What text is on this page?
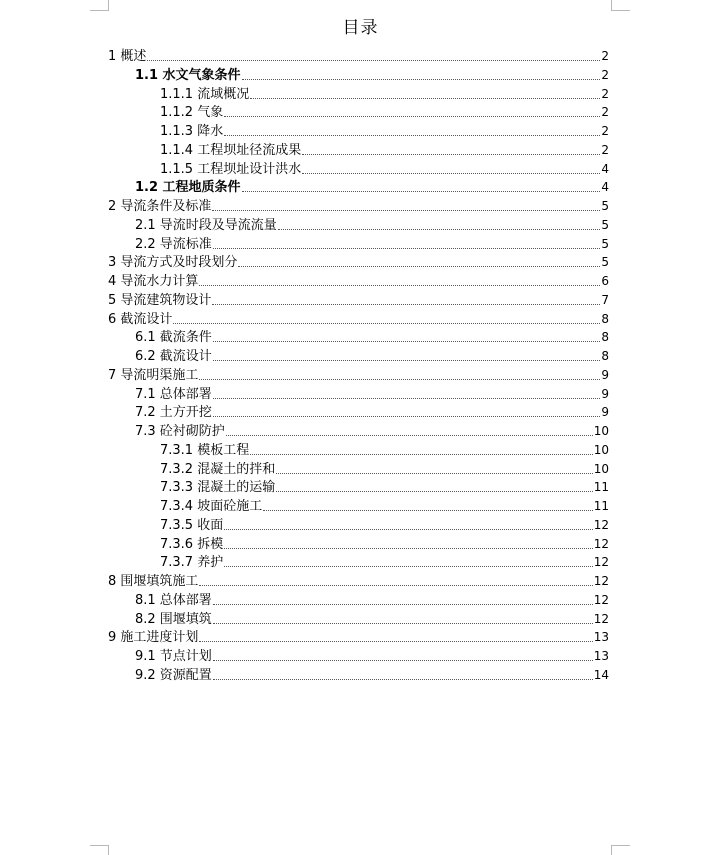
目录
1 概述	2
1.1 水文气象条件	2
1.1.1 流域概况	2
1.1.2 气象	2
1.1.3 降水	2
1.1.4 工程坝址径流成果	2
1.1.5 工程坝址设计洪水	4
1.2 工程地质条件	4
2 导流条件及标准	5
2.1 导流时段及导流流量	5
2.2 导流标准	5
3 导流方式及时段划分	5
4 导流水力计算	6
5 导流建筑物设计	7
6 截流设计	8
6.1 截流条件	8
6.2 截流设计	8
7 导流明渠施工	9
7.1 总体部署	9
7.2 土方开挖	9
7.3 砼衬砌防护	10
7.3.1 模板工程	10
7.3.2 混凝土的拌和	10
7.3.3 混凝土的运输	11
7.3.4 坡面砼施工	11
7.3.5 收面	12
7.3.6 拆模	12
7.3.7 养护	12
8 围堰填筑施工	12
8.1 总体部署	12
8.2 围堰填筑	12
9 施工进度计划	13
9.1 节点计划	13
9.2 资源配置	14
